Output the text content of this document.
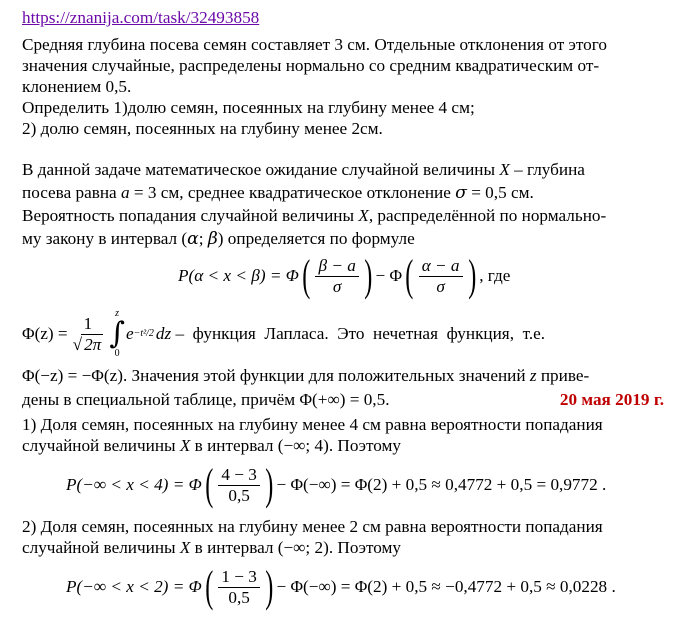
https://znanija.com/task/32493858
Средняя глубина посева семян составляет 3 см. Отдельные отклонения от этого
значения случайные, распределены нормально со средним квадратическим от-
клонением 0,5.
Определить 1)долю семян, посеянных на глубину менее 4 см;
2) долю семян, посеянных на глубину менее 2см.
В данной задаче математическое ожидание случайной величины X – глубина
посева равна a = 3 см, среднее квадратическое отклонение σ = 0,5 см.
Вероятность попадания случайной величины X, распределённой по нормально-
му закону в интервал (α; β) определяется по формуле
P(α < x < β) = Φ ( $\frac{\beta - a}{\sigma}$ ) − Φ ( $\frac{\alpha - a}{\sigma}$ ) , где
$\Phi(z) = \frac{1}{√ 2\pi}$
z
∫
0
e −t²/2 dz –  функция  Лапласа.  Это  нечетная  функция,  т.е.
Φ(−z) = −Φ(z). Значения этой функции для положительных значений z приве-
дены в специальной таблице, причём Φ(+∞) = 0,5.	20 мая 2019 г.
1) Доля семян, посеянных на глубину менее 4 см равна вероятности попадания
случайной величины X в интервал (−∞; 4). Поэтому
P(−∞ < x < 4) = Φ ( $\frac{4 - 3}{0,5}$ ) − Φ(−∞) = Φ(2) + 0,5 ≈ 0,4772 + 0,5 = 0,9772 .
2) Доля семян, посеянных на глубину менее 2 см равна вероятности попадания
случайной величины X в интервал (−∞; 2). Поэтому
P(−∞ < x < 2) = Φ ( $\frac{1 - 3}{0,5}$ ) − Φ(−∞) = Φ(2) + 0,5 ≈ −0,4772 + 0,5 ≈ 0,0228 .
